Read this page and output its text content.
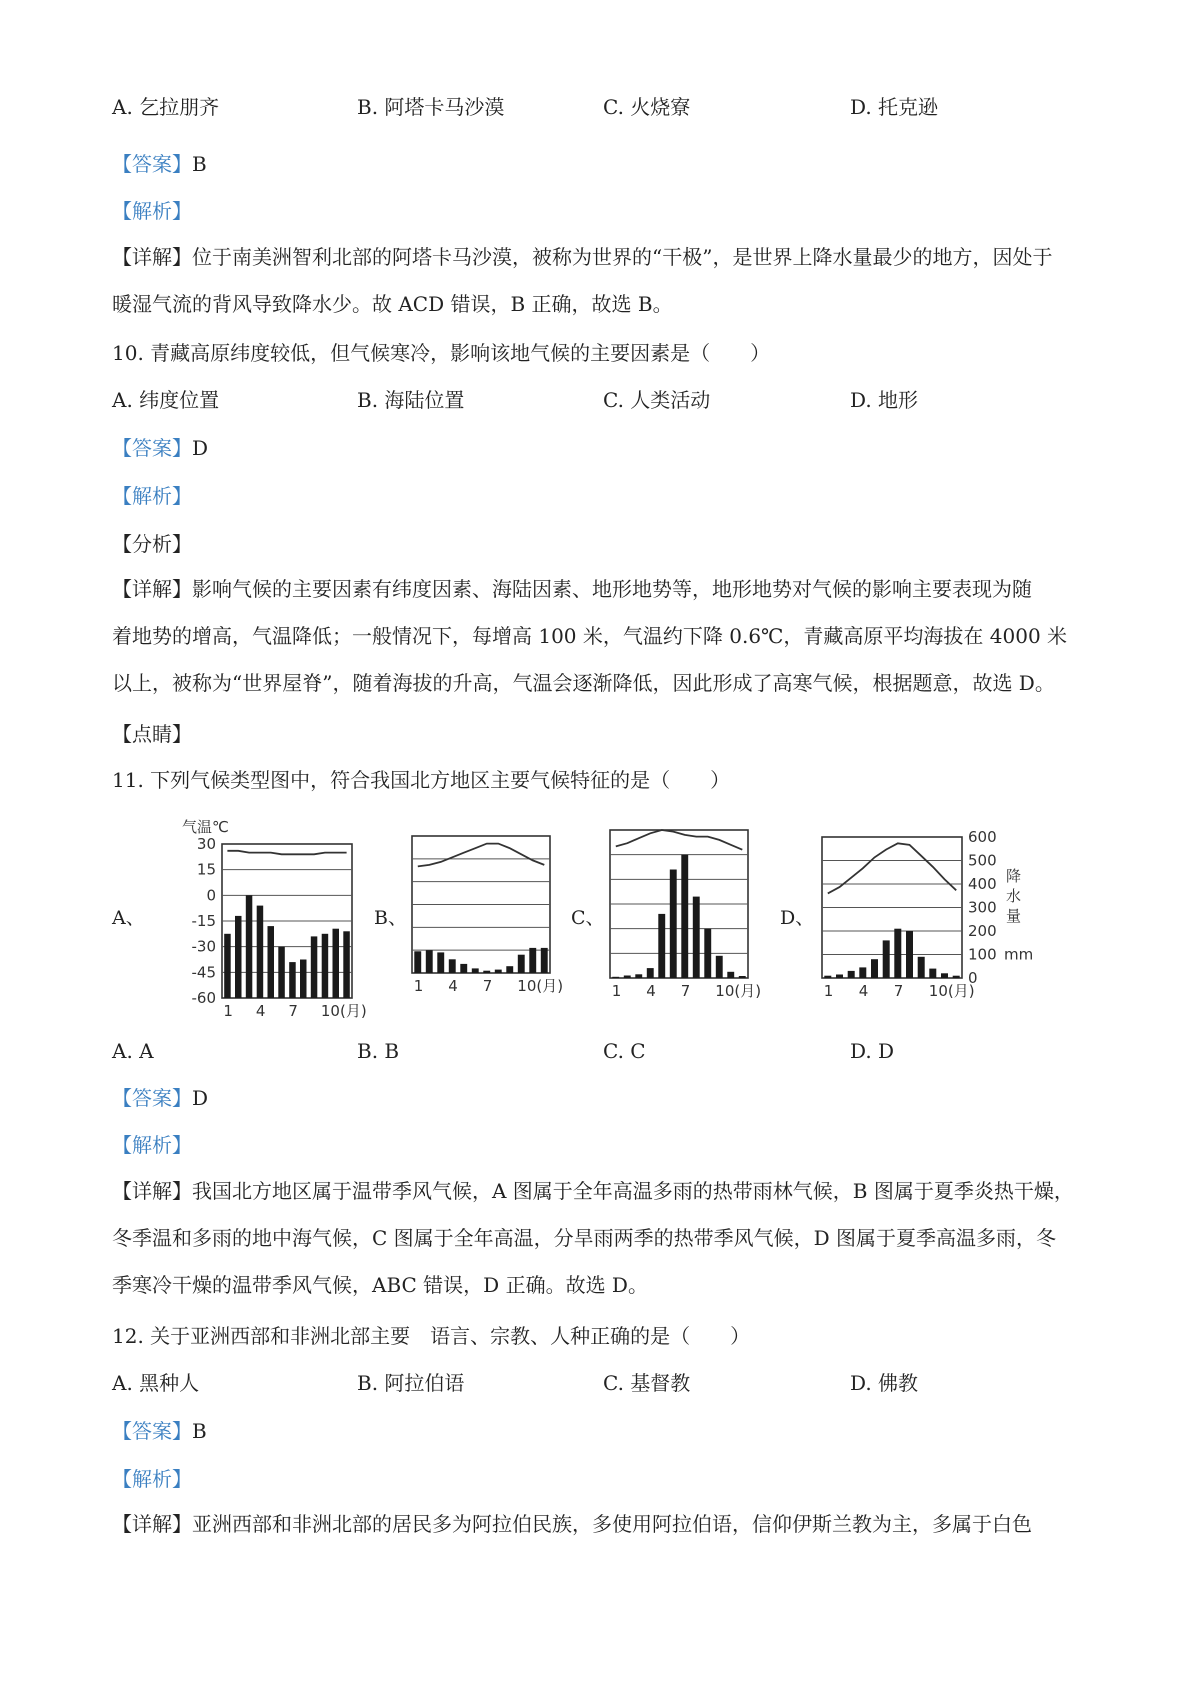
A. 乞拉朋齐	B. 阿塔卡马沙漠	C. 火烧寮	D. 托克逊
【答案】B
【解析】
【详解】位于南美洲智利北部的阿塔卡马沙漠，被称为世界的“干极”，是世界上降水量最少的地方，因处于
暖湿气流的背风导致降水少。故 ACD 错误，B 正确，故选 B。
10. 青藏高原纬度较低，但气候寒冷，影响该地气候的主要因素是（　　）
A. 纬度位置	B. 海陆位置	C. 人类活动	D. 地形
【答案】D
【解析】
【分析】
【详解】影响气候的主要因素有纬度因素、海陆因素、地形地势等，地形地势对气候的影响主要表现为随
着地势的增高，气温降低；一般情况下，每增高 100 米，气温约下降 0.6℃，青藏高原平均海拔在 4000 米
以上，被称为“世界屋脊”，随着海拔的升高，气温会逐渐降低，因此形成了高寒气候，根据题意，故选 D。
【点睛】
11. 下列气候类型图中，符合我国北方地区主要气候特征的是（　　）
A、	B、	C、	D、
气温℃
1 4 7 10(月)
30
15
0
-15
-30
-45
-60
1 4 7 10(月)	1 4 7 10(月)	1 4 7 10(月)
600
500
400
300
200
100
0
降
水
量
mm
A. A	B. B	C. C	D. D
【答案】D
【解析】
【详解】我国北方地区属于温带季风气候，A 图属于全年高温多雨的热带雨林气候，B 图属于夏季炎热干燥，
冬季温和多雨的地中海气候，C 图属于全年高温，分旱雨两季的热带季风气候，D 图属于夏季高温多雨，冬
季寒冷干燥的温带季风气候，ABC 错误，D 正确。故选 D。
12. 关于亚洲西部和非洲北部主要　语言、宗教、人种正确的是（　　）
A. 黑种人	B. 阿拉伯语	C. 基督教	D. 佛教
【答案】B
【解析】
【详解】亚洲西部和非洲北部的居民多为阿拉伯民族，多使用阿拉伯语，信仰伊斯兰教为主，多属于白色
